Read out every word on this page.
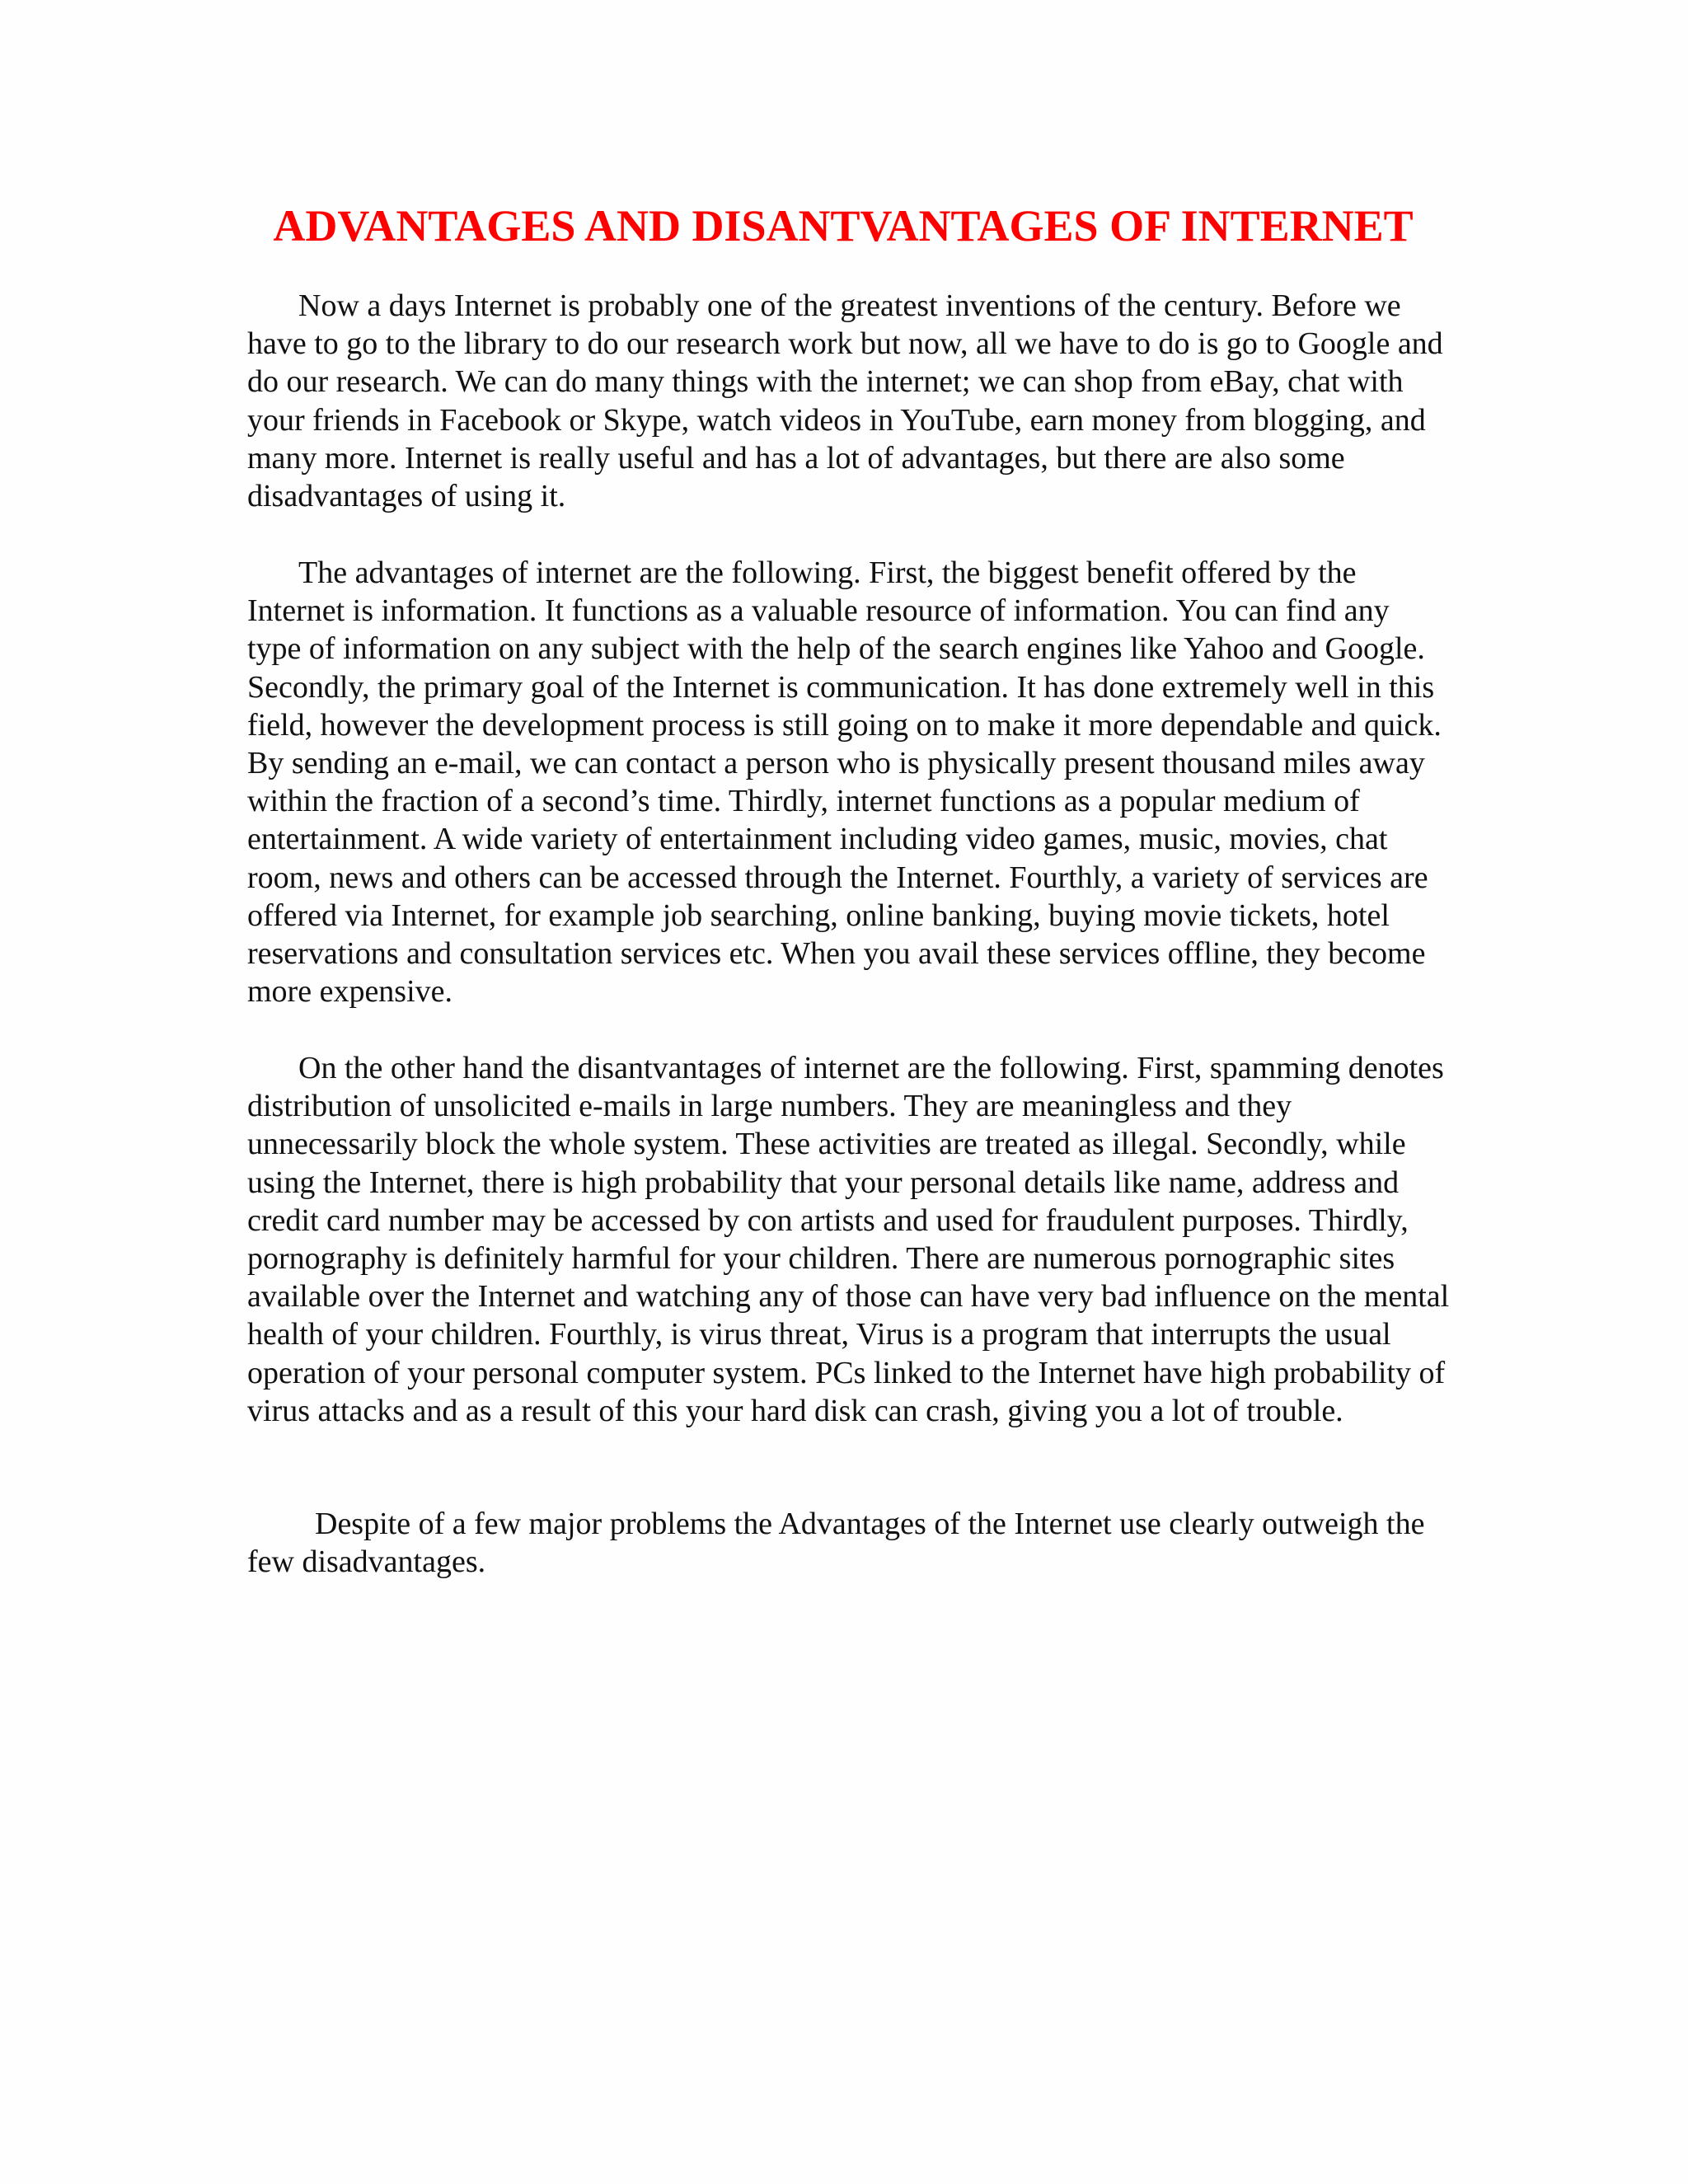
ADVANTAGES AND DISANTVANTAGES OF INTERNET

Now a days Internet is probably one of the greatest inventions of the century. Before we have to go to the library to do our research work but now, all we have to do is go to Google and do our research. We can do many things with the internet; we can shop from eBay, chat with your friends in Facebook or Skype, watch videos in YouTube, earn money from blogging, and many more. Internet is really useful and has a lot of advantages, but there are also some disadvantages of using it.

The advantages of internet are the following. First, the biggest benefit offered by the Internet is information. It functions as a valuable resource of information. You can find any type of information on any subject with the help of the search engines like Yahoo and Google. Secondly, the primary goal of the Internet is communication. It has done extremely well in this field, however the development process is still going on to make it more dependable and quick. By sending an e-mail, we can contact a person who is physically present thousand miles away within the fraction of a second’s time. Thirdly, internet functions as a popular medium of entertainment. A wide variety of entertainment including video games, music, movies, chat room, news and others can be accessed through the Internet. Fourthly, a variety of services are offered via Internet, for example job searching, online banking, buying movie tickets, hotel reservations and consultation services etc. When you avail these services offline, they become more expensive.

On the other hand the disantvantages of internet are the following. First, spamming denotes distribution of unsolicited e-mails in large numbers. They are meaningless and they unnecessarily block the whole system. These activities are treated as illegal. Secondly, while using the Internet, there is high probability that your personal details like name, address and credit card number may be accessed by con artists and used for fraudulent purposes. Thirdly, pornography is definitely harmful for your children. There are numerous pornographic sites available over the Internet and watching any of those can have very bad influence on the mental health of your children. Fourthly, is virus threat, Virus is a program that interrupts the usual operation of your personal computer system. PCs linked to the Internet have high probability of virus attacks and as a result of this your hard disk can crash, giving you a lot of trouble.

Despite of a few major problems the Advantages of the Internet use clearly outweigh the few disadvantages.
